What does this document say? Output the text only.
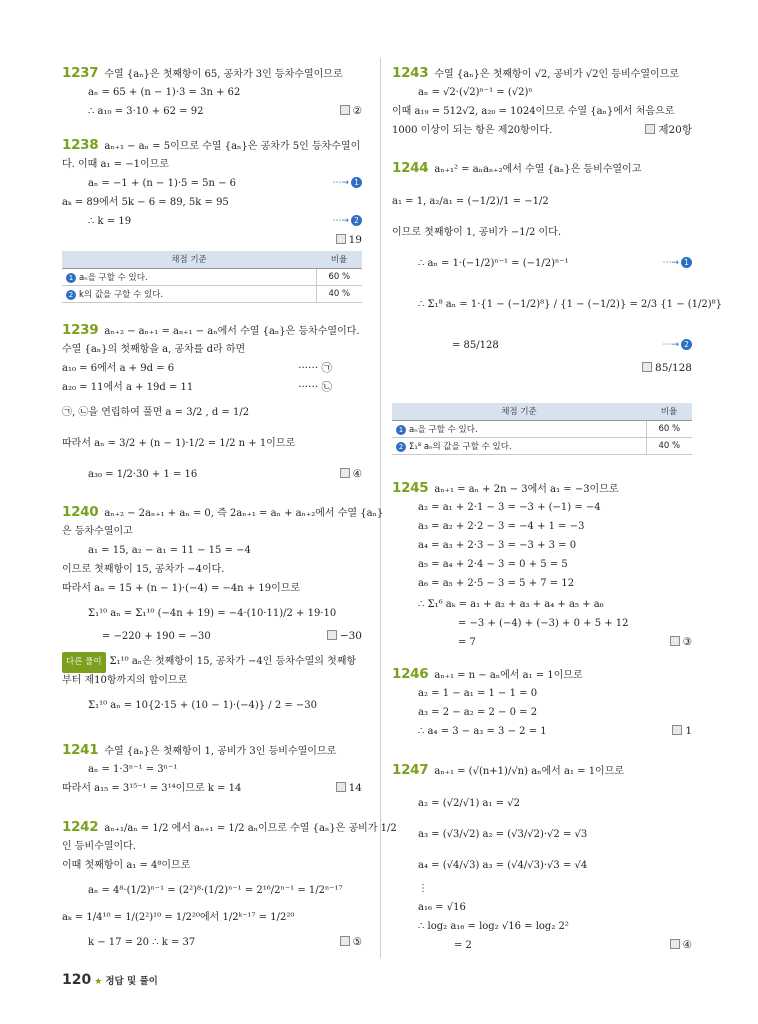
1237 수열 {aₙ}은 첫째항이 65, 공차가 3인 등차수열이므로
aₙ = 65 + (n − 1)·3 = 3n + 62
∴ a₁₀ = 3·10 + 62 = 92	②
1238 aₙ₊₁ − aₙ = 5이므로 수열 {aₙ}은 공차가 5인 등차수열이
다. 이때 a₁ = −1이므로
aₙ = −1 + (n − 1)·5 = 5n − 6	⋯→ 1
aₖ = 89에서 5k − 6 = 89, 5k = 95
∴ k = 19	⋯→ 2
19
채점 기준	비율
1 aₙ을 구할 수 있다.	60 %
2 k의 값을 구할 수 있다.	40 %
1239 aₙ₊₂ − aₙ₊₁ = aₙ₊₁ − aₙ에서 수열 {aₙ}은 등차수열이다.
수열 {aₙ}의 첫째항을 a, 공차를 d라 하면
a₁₀ = 6에서 a + 9d = 6	······ ㉠
a₂₀ = 11에서 a + 19d = 11	······ ㉡
㉠, ㉡을 연립하여 풀면 a = 3/2 , d = 1/2
따라서 aₙ = 3/2 + (n − 1)·1/2 = 1/2 n + 1이므로
a₃₀ = 1/2·30 + 1 = 16	④
1240 aₙ₊₂ − 2aₙ₊₁ + aₙ = 0, 즉 2aₙ₊₁ = aₙ + aₙ₊₂에서 수열 {aₙ}
은 등차수열이고
a₁ = 15, a₂ − a₁ = 11 − 15 = −4
이므로 첫째항이 15, 공차가 −4이다.
따라서 aₙ = 15 + (n − 1)·(−4) = −4n + 19이므로
Σ₁¹⁰ aₙ = Σ₁¹⁰ (−4n + 19) = −4·(10·11)/2 + 19·10
= −220 + 190 = −30	−30
다른 풀이 Σ₁¹⁰ aₙ은 첫째항이 15, 공차가 −4인 등차수열의 첫째항
부터 제10항까지의 합이므로
Σ₁¹⁰ aₙ = 10{2·15 + (10 − 1)·(−4)} / 2 = −30
1241 수열 {aₙ}은 첫째항이 1, 공비가 3인 등비수열이므로
aₙ = 1·3ⁿ⁻¹ = 3ⁿ⁻¹
따라서 a₁₅ = 3¹⁵⁻¹ = 3¹⁴이므로 k = 14	14
1242 aₙ₊₁/aₙ = 1/2 에서 aₙ₊₁ = 1/2 aₙ이므로 수열 {aₙ}은 공비가 1/2
인 등비수열이다.
이때 첫째항이 a₁ = 4⁸이므로
aₙ = 4⁸·(1/2)ⁿ⁻¹ = (2²)⁸·(1/2)ⁿ⁻¹ = 2¹⁶/2ⁿ⁻¹ = 1/2ⁿ⁻¹⁷
aₖ = 1/4¹⁰ = 1/(2²)¹⁰ = 1/2²⁰에서 1/2ᵏ⁻¹⁷ = 1/2²⁰
k − 17 = 20 ∴ k = 37	⑤
1243 수열 {aₙ}은 첫째항이 √2, 공비가 √2인 등비수열이므로
aₙ = √2·(√2)ⁿ⁻¹ = (√2)ⁿ
이때 a₁₉ = 512√2, a₂₀ = 1024이므로 수열 {aₙ}에서 처음으로
1000 이상이 되는 항은 제20항이다.	제20항
1244 aₙ₊₁² = aₙaₙ₊₂에서 수열 {aₙ}은 등비수열이고
a₁ = 1, a₂/a₁ = (−1/2)/1 = −1/2
이므로 첫째항이 1, 공비가 −1/2 이다.
∴ aₙ = 1·(−1/2)ⁿ⁻¹ = (−1/2)ⁿ⁻¹	⋯→ 1
∴ Σ₁⁸ aₙ = 1·{1 − (−1/2)⁸} / {1 − (−1/2)} = 2/3 {1 − (1/2)⁸}
= 85/128	⋯→ 2
85/128
채점 기준	비율
1 aₙ을 구할 수 있다.	60 %
2 Σ₁⁸ aₙ의 값을 구할 수 있다.	40 %
1245 aₙ₊₁ = aₙ + 2n − 3에서 a₁ = −3이므로
a₂ = a₁ + 2·1 − 3 = −3 + (−1) = −4
a₃ = a₂ + 2·2 − 3 = −4 + 1 = −3
a₄ = a₃ + 2·3 − 3 = −3 + 3 = 0
a₅ = a₄ + 2·4 − 3 = 0 + 5 = 5
a₆ = a₅ + 2·5 − 3 = 5 + 7 = 12
∴ Σ₁⁶ aₖ = a₁ + a₂ + a₃ + a₄ + a₅ + a₆
= −3 + (−4) + (−3) + 0 + 5 + 12
= 7	③
1246 aₙ₊₁ = n − aₙ에서 a₁ = 1이므로
a₂ = 1 − a₁ = 1 − 1 = 0
a₃ = 2 − a₂ = 2 − 0 = 2
∴ a₄ = 3 − a₃ = 3 − 2 = 1	1
1247 aₙ₊₁ = (√(n+1)/√n) aₙ에서 a₁ = 1이므로
a₂ = (√2/√1) a₁ = √2
a₃ = (√3/√2) a₂ = (√3/√2)·√2 = √3
a₄ = (√4/√3) a₃ = (√4/√3)·√3 = √4
⋮
a₁₆ = √16
∴ log₂ a₁₆ = log₂ √16 = log₂ 2²
= 2	④
120 ★ 정답 및 풀이
